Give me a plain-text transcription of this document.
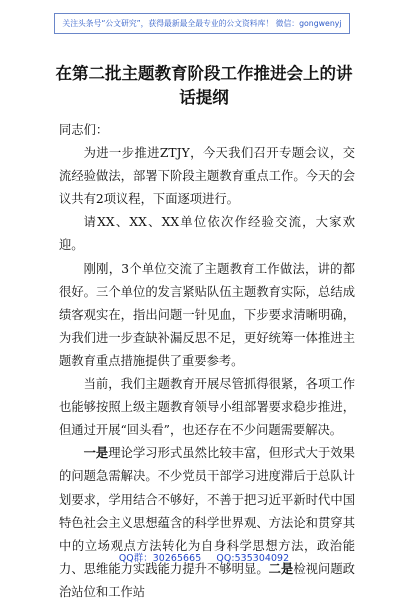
关注头条号“公文研究”，获得最新最全最专业的公文资料库！ 微信：gongwenyj
在第二批主题教育阶段工作推进会上的讲话提纲

同志们：

为进一步推进ZTJY，今天我们召开专题会议，交流经验做法，部署下阶段主题教育重点工作。今天的会议共有2项议程，下面逐项进行。

请XX、XX、XX单位依次作经验交流，大家欢迎。

刚刚，3个单位交流了主题教育工作做法，讲的都很好。三个单位的发言紧贴队伍主题教育实际，总结成绩客观实在，指出问题一针见血，下步要求清晰明确，为我们进一步查缺补漏反思不足，更好统筹一体推进主题教育重点措施提供了重要参考。

当前，我们主题教育开展尽管抓得很紧，各项工作也能够按照上级主题教育领导小组部署要求稳步推进，但通过开展“回头看”，也还存在不少问题需要解决。

一是理论学习形式虽然比较丰富，但形式大于效果的问题急需解决。不少党员干部学习进度滞后于总队计划要求，学用结合不够好，不善于把习近平新时代中国特色社会主义思想蕴含的科学世界观、方法论和贯穿其中的立场观点方法转化为自身科学思想方法，政治能力、思维能力实践能力提升不够明显。二是检视问题政治站位和工作站

QQ群：30265665 QQ:535304092
